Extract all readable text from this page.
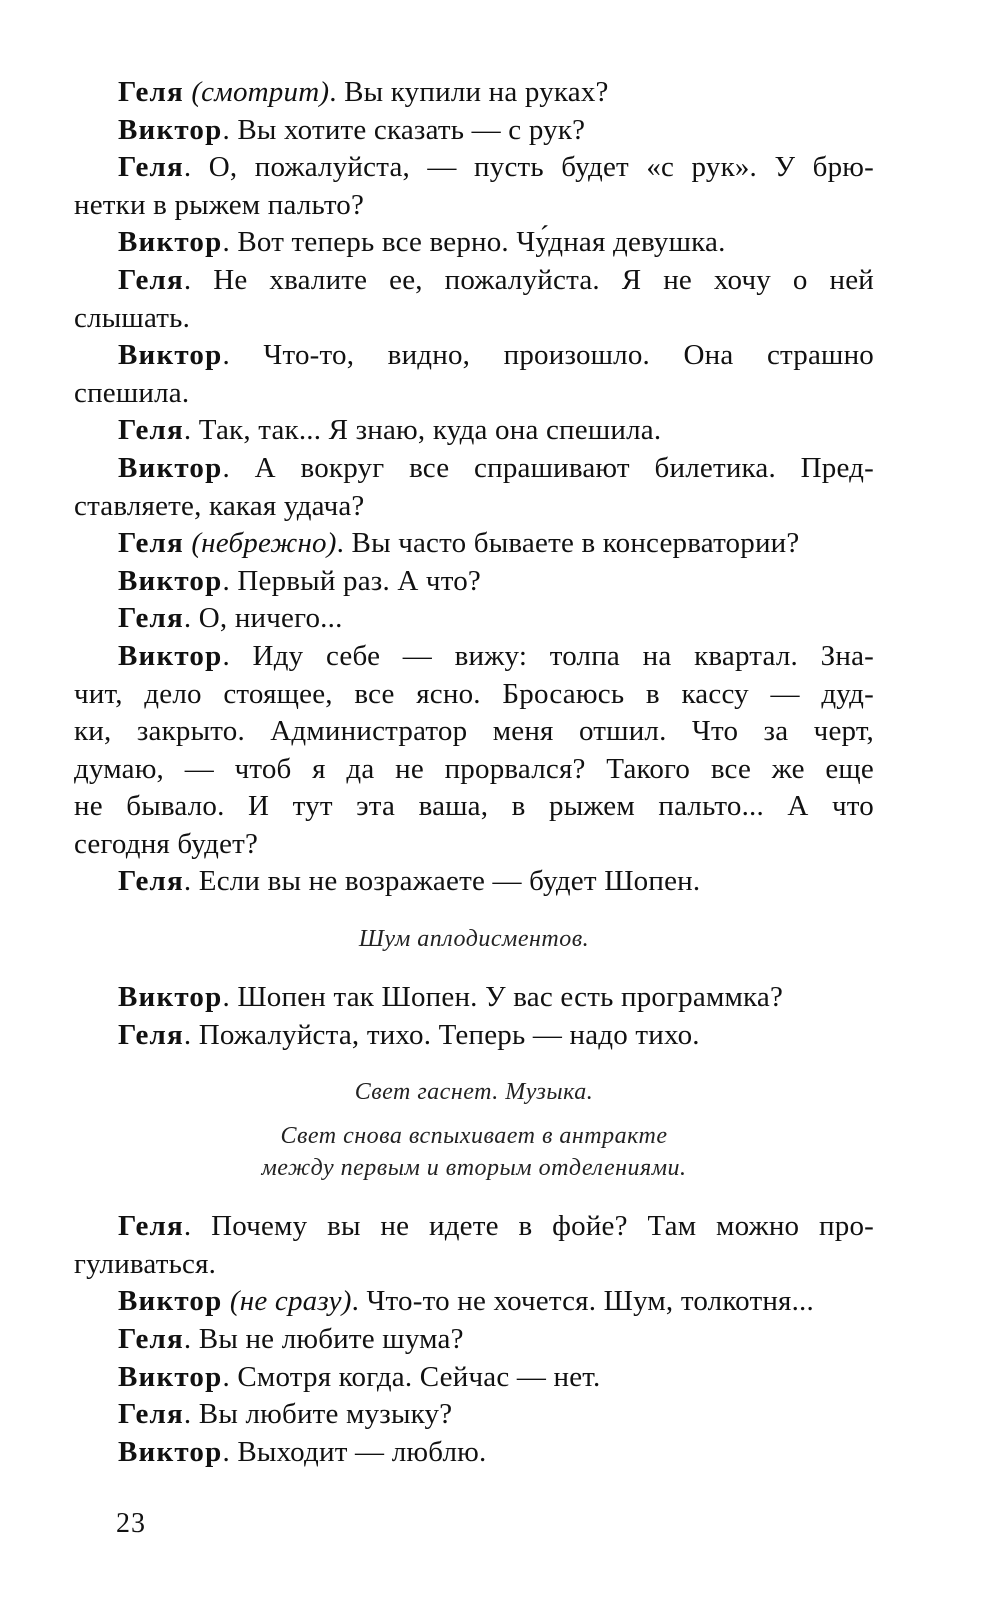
Геля (смотрит). Вы купили на руках?
Виктор. Вы хотите сказать — с рук?
Геля. О, пожалуйста, — пусть будет «с рук». У брю-
нетки в рыжем пальто?
Виктор. Вот теперь все верно. Чу́дная девушка.
Геля. Не хвалите ее, пожалуйста. Я не хочу о ней
слышать.
Виктор. Что-то, видно, произошло. Она страшно
спешила.
Геля. Так, так... Я знаю, куда она спешила.
Виктор. А вокруг все спрашивают билетика. Пред-
ставляете, какая удача?
Геля (небрежно). Вы часто бываете в консерватории?
Виктор. Первый раз. А что?
Геля. О, ничего...
Виктор. Иду себе — вижу: толпа на квартал. Зна-
чит, дело стоящее, все ясно. Бросаюсь в кассу — дуд-
ки, закрыто. Администратор меня отшил. Что за черт,
думаю, — чтоб я да не прорвался? Такого все же еще
не бывало. И тут эта ваша, в рыжем пальто... А что
сегодня будет?
Геля. Если вы не возражаете — будет Шопен.
Шум аплодисментов.
Виктор. Шопен так Шопен. У вас есть программка?
Геля. Пожалуйста, тихо. Теперь — надо тихо.
Свет гаснет. Музыка.
Свет снова вспыхивает в антракте
между первым и вторым отделениями.
Геля. Почему вы не идете в фойе? Там можно про-
гуливаться.
Виктор (не сразу). Что-то не хочется. Шум, толкотня...
Геля. Вы не любите шума?
Виктор. Смотря когда. Сейчас — нет.
Геля. Вы любите музыку?
Виктор. Выходит — люблю.
23
